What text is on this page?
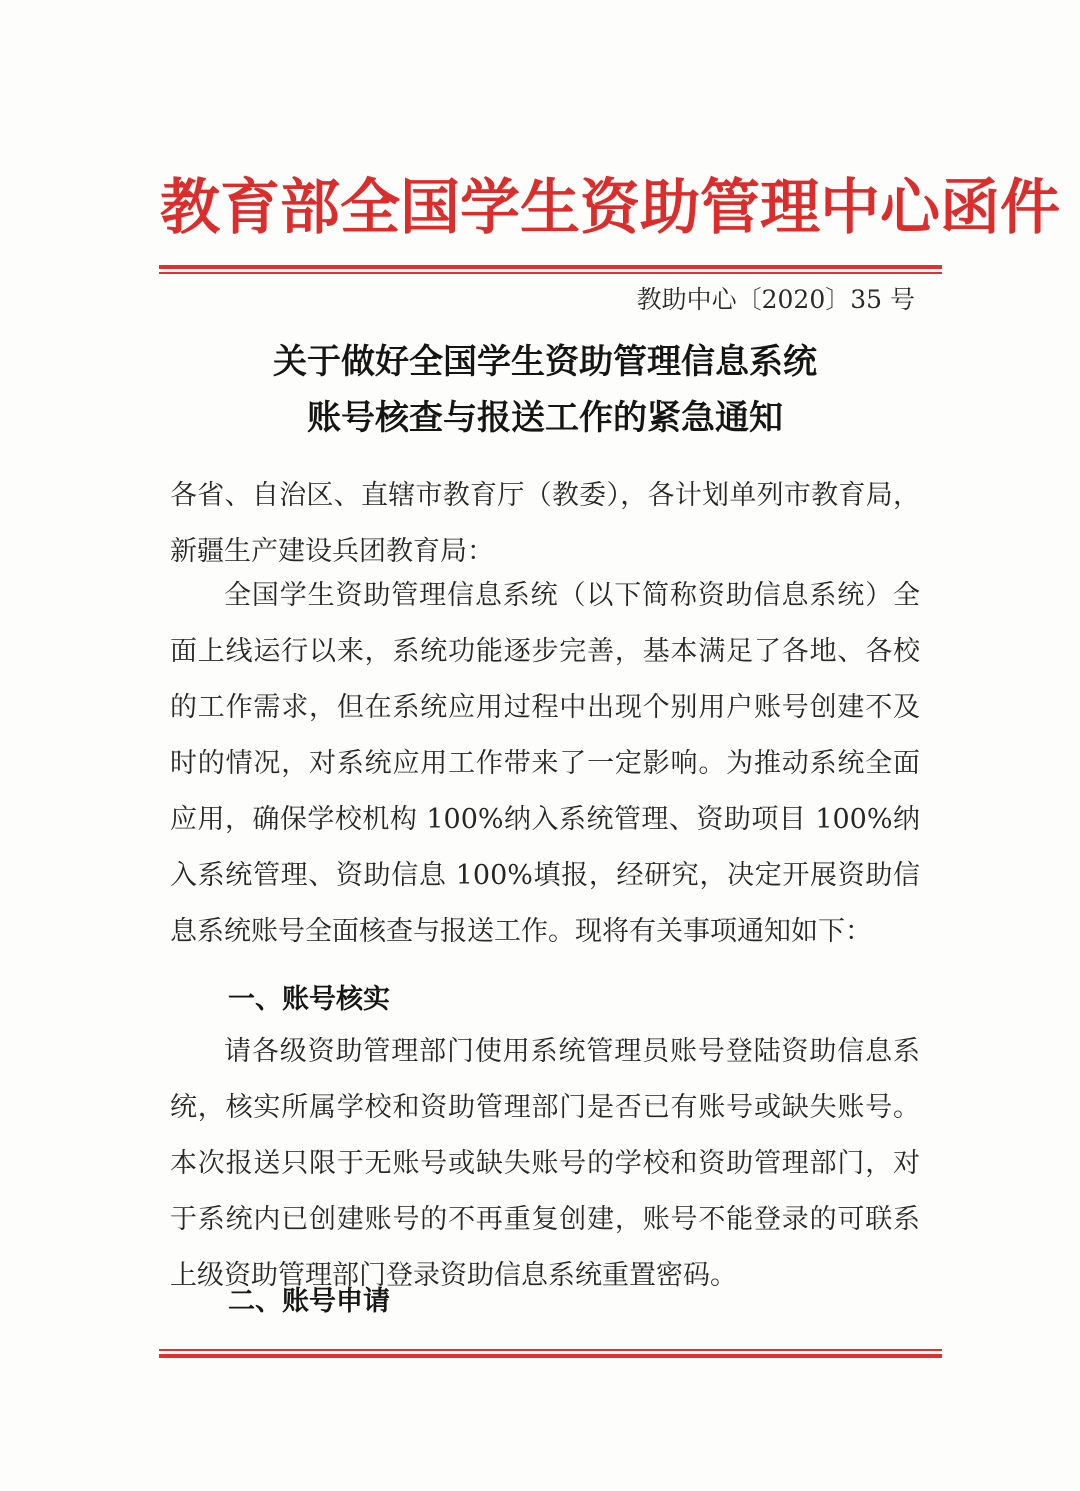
教育部全国学生资助管理中心函件
教助中心〔2020〕35 号
关于做好全国学生资助管理信息系统
账号核查与报送工作的紧急通知
各省、自治区、直辖市教育厅（教委），各计划单列市教育局，新疆生产建设兵团教育局：
全国学生资助管理信息系统（以下简称资助信息系统）全面上线运行以来，系统功能逐步完善，基本满足了各地、各校的工作需求，但在系统应用过程中出现个别用户账号创建不及时的情况，对系统应用工作带来了一定影响。为推动系统全面应用，确保学校机构 100%纳入系统管理、资助项目 100%纳入系统管理、资助信息 100%填报，经研究，决定开展资助信息系统账号全面核查与报送工作。现将有关事项通知如下：
一、账号核实
请各级资助管理部门使用系统管理员账号登陆资助信息系统，核实所属学校和资助管理部门是否已有账号或缺失账号。本次报送只限于无账号或缺失账号的学校和资助管理部门，对于系统内已创建账号的不再重复创建，账号不能登录的可联系上级资助管理部门登录资助信息系统重置密码。
二、账号申请
